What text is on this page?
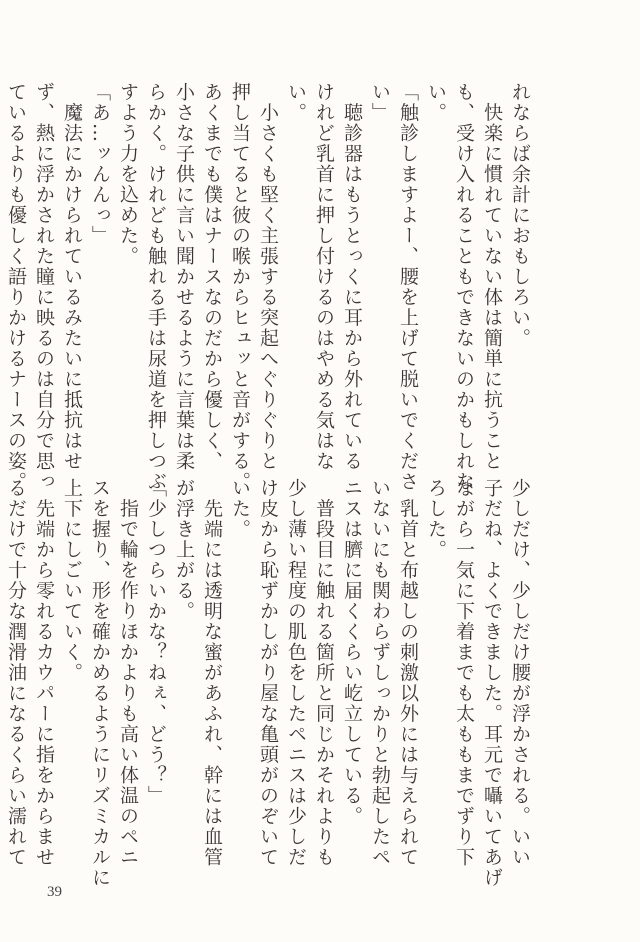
れならば余計におもしろい。
　快楽に慣れていない体は簡単に抗うこと
も、受け入れることもできないのかもしれな
い。
「触診しますよー、腰を上げて脱いでくださ
い」
　聴診器はもうとっくに耳から外れている
けれど乳首に押し付けるのはやめる気はな
い。
　小さくも堅く主張する突起へぐりぐりと
押し当てると彼の喉からヒュッと音がする。
あくまでも僕はナースなのだから優しく、
小さな子供に言い聞かせるように言葉は柔
らかく。けれども触れる手は尿道を押しつぶ
すよう力を込めた。
「あ…ッんんっ」
　魔法にかけられているみたいに抵抗はせ
ず、熱に浮かされた瞳に映るのは自分で思っ
ているよりも優しく語りかけるナースの姿。
少しだけ、少しだけ腰が浮かされる。いい
子だね、よくできました。耳元で囁いてあげ
ながら一気に下着までも太ももまでずり下
ろした。
　乳首と布越しの刺激以外には与えられて
いないにも関わらずしっかりと勃起したペ
ニスは臍に届くくらい屹立している。
　普段目に触れる箇所と同じかそれよりも
少し薄い程度の肌色をしたペニスは少しだ
け皮から恥ずかしがり屋な亀頭がのぞいて
いた。
　先端には透明な蜜があふれ、幹には血管
が浮き上がる。
「少しつらいかな？ねぇ、どう？」
　指で輪を作りほかよりも高い体温のペニ
スを握り、形を確かめるようにリズミカルに
上下にしごいていく。
　先端から零れるカウパーに指をからませ
るだけで十分な潤滑油になるくらい濡れて
39
